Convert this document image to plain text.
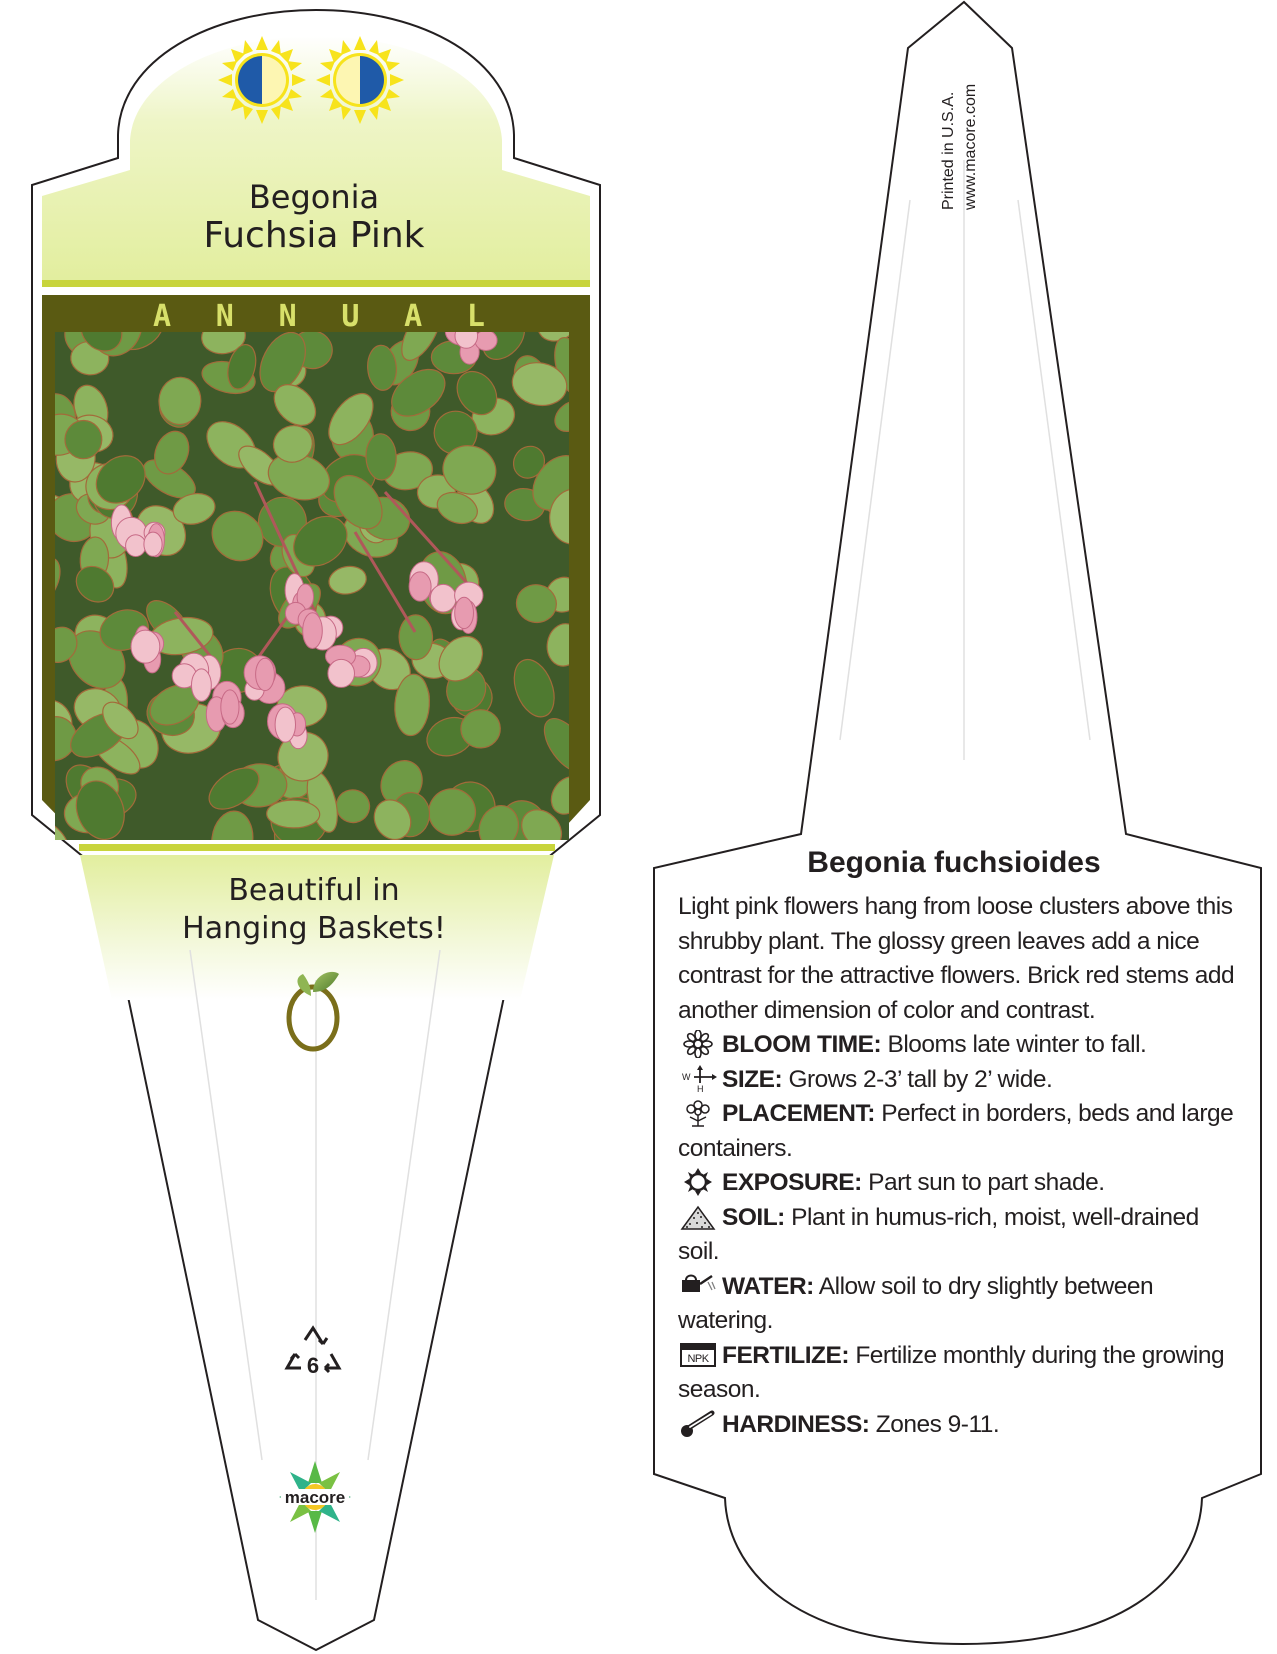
Begonia
Fuchsia Pink
A N N U A L
Beautiful in
Hanging Baskets!
6
macore
Printed in U.S.A. www.macore.com
Begonia fuchsioides

Light pink flowers hang from loose clusters above this shrubby plant. The glossy green leaves add a nice contrast for the attractive flowers. Brick red stems add another dimension of color and contrast.

BLOOM TIME: Blooms late winter to fall.
W
H SIZE: Grows 2-3’ tall by 2’ wide.
PLACEMENT: Perfect in borders, beds and large containers.
EXPOSURE: Part sun to part shade.
SOIL: Plant in humus-rich, moist, well-drained soil.
WATER: Allow soil to dry slightly between watering.
NPK FERTILIZE: Fertilize monthly during the growing season.
HARDINESS: Zones 9-11.
